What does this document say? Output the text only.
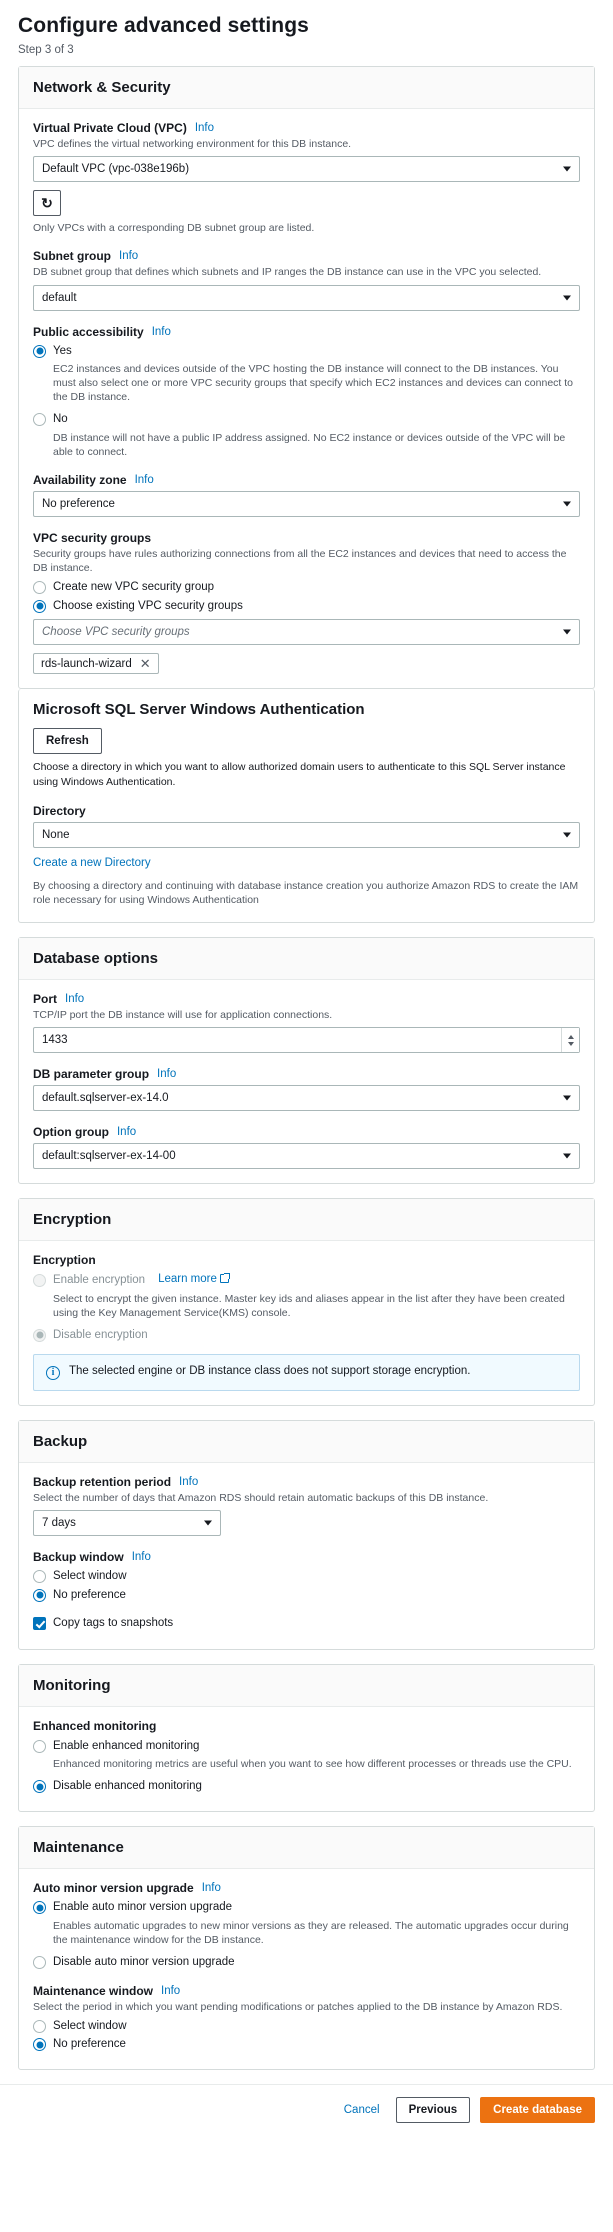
Configure advanced settings
Step 3 of 3
Network & Security
Virtual Private Cloud (VPC) Info
VPC defines the virtual networking environment for this DB instance.
Default VPC (vpc-038e196b)
↻
Only VPCs with a corresponding DB subnet group are listed.
Subnet group Info
DB subnet group that defines which subnets and IP ranges the DB instance can use in the VPC you selected.
default
Public accessibility Info
Yes
EC2 instances and devices outside of the VPC hosting the DB instance will connect to the DB instances. You must also select one or more VPC security groups that specify which EC2 instances and devices can connect to the DB instance.
No
DB instance will not have a public IP address assigned. No EC2 instance or devices outside of the VPC will be able to connect.
Availability zone Info
No preference
VPC security groups
Security groups have rules authorizing connections from all the EC2 instances and devices that need to access the DB instance.
Create new VPC security group
Choose existing VPC security groups
Choose VPC security groups
rds-launch-wizard ✕
Microsoft SQL Server Windows Authentication
Refresh
Choose a directory in which you want to allow authorized domain users to authenticate to this SQL Server instance using Windows Authentication.
Directory
None
Create a new Directory
By choosing a directory and continuing with database instance creation you authorize Amazon RDS to create the IAM role necessary for using Windows Authentication
Database options
Port Info
TCP/IP port the DB instance will use for application connections.
1433
DB parameter group Info
default.sqlserver-ex-14.0
Option group Info
default:sqlserver-ex-14-00
Encryption
Encryption
Enable encryption Learn more
Select to encrypt the given instance. Master key ids and aliases appear in the list after they have been created using the Key Management Service(KMS) console.
Disable encryption
i	The selected engine or DB instance class does not support storage encryption.
Backup
Backup retention period Info
Select the number of days that Amazon RDS should retain automatic backups of this DB instance.
7 days
Backup window Info
Select window
No preference
Copy tags to snapshots
Monitoring
Enhanced monitoring
Enable enhanced monitoring
Enhanced monitoring metrics are useful when you want to see how different processes or threads use the CPU.
Disable enhanced monitoring
Maintenance
Auto minor version upgrade Info
Enable auto minor version upgrade
Enables automatic upgrades to new minor versions as they are released. The automatic upgrades occur during the maintenance window for the DB instance.
Disable auto minor version upgrade
Maintenance window Info
Select the period in which you want pending modifications or patches applied to the DB instance by Amazon RDS.
Select window
No preference
Cancel	Previous	Create database
